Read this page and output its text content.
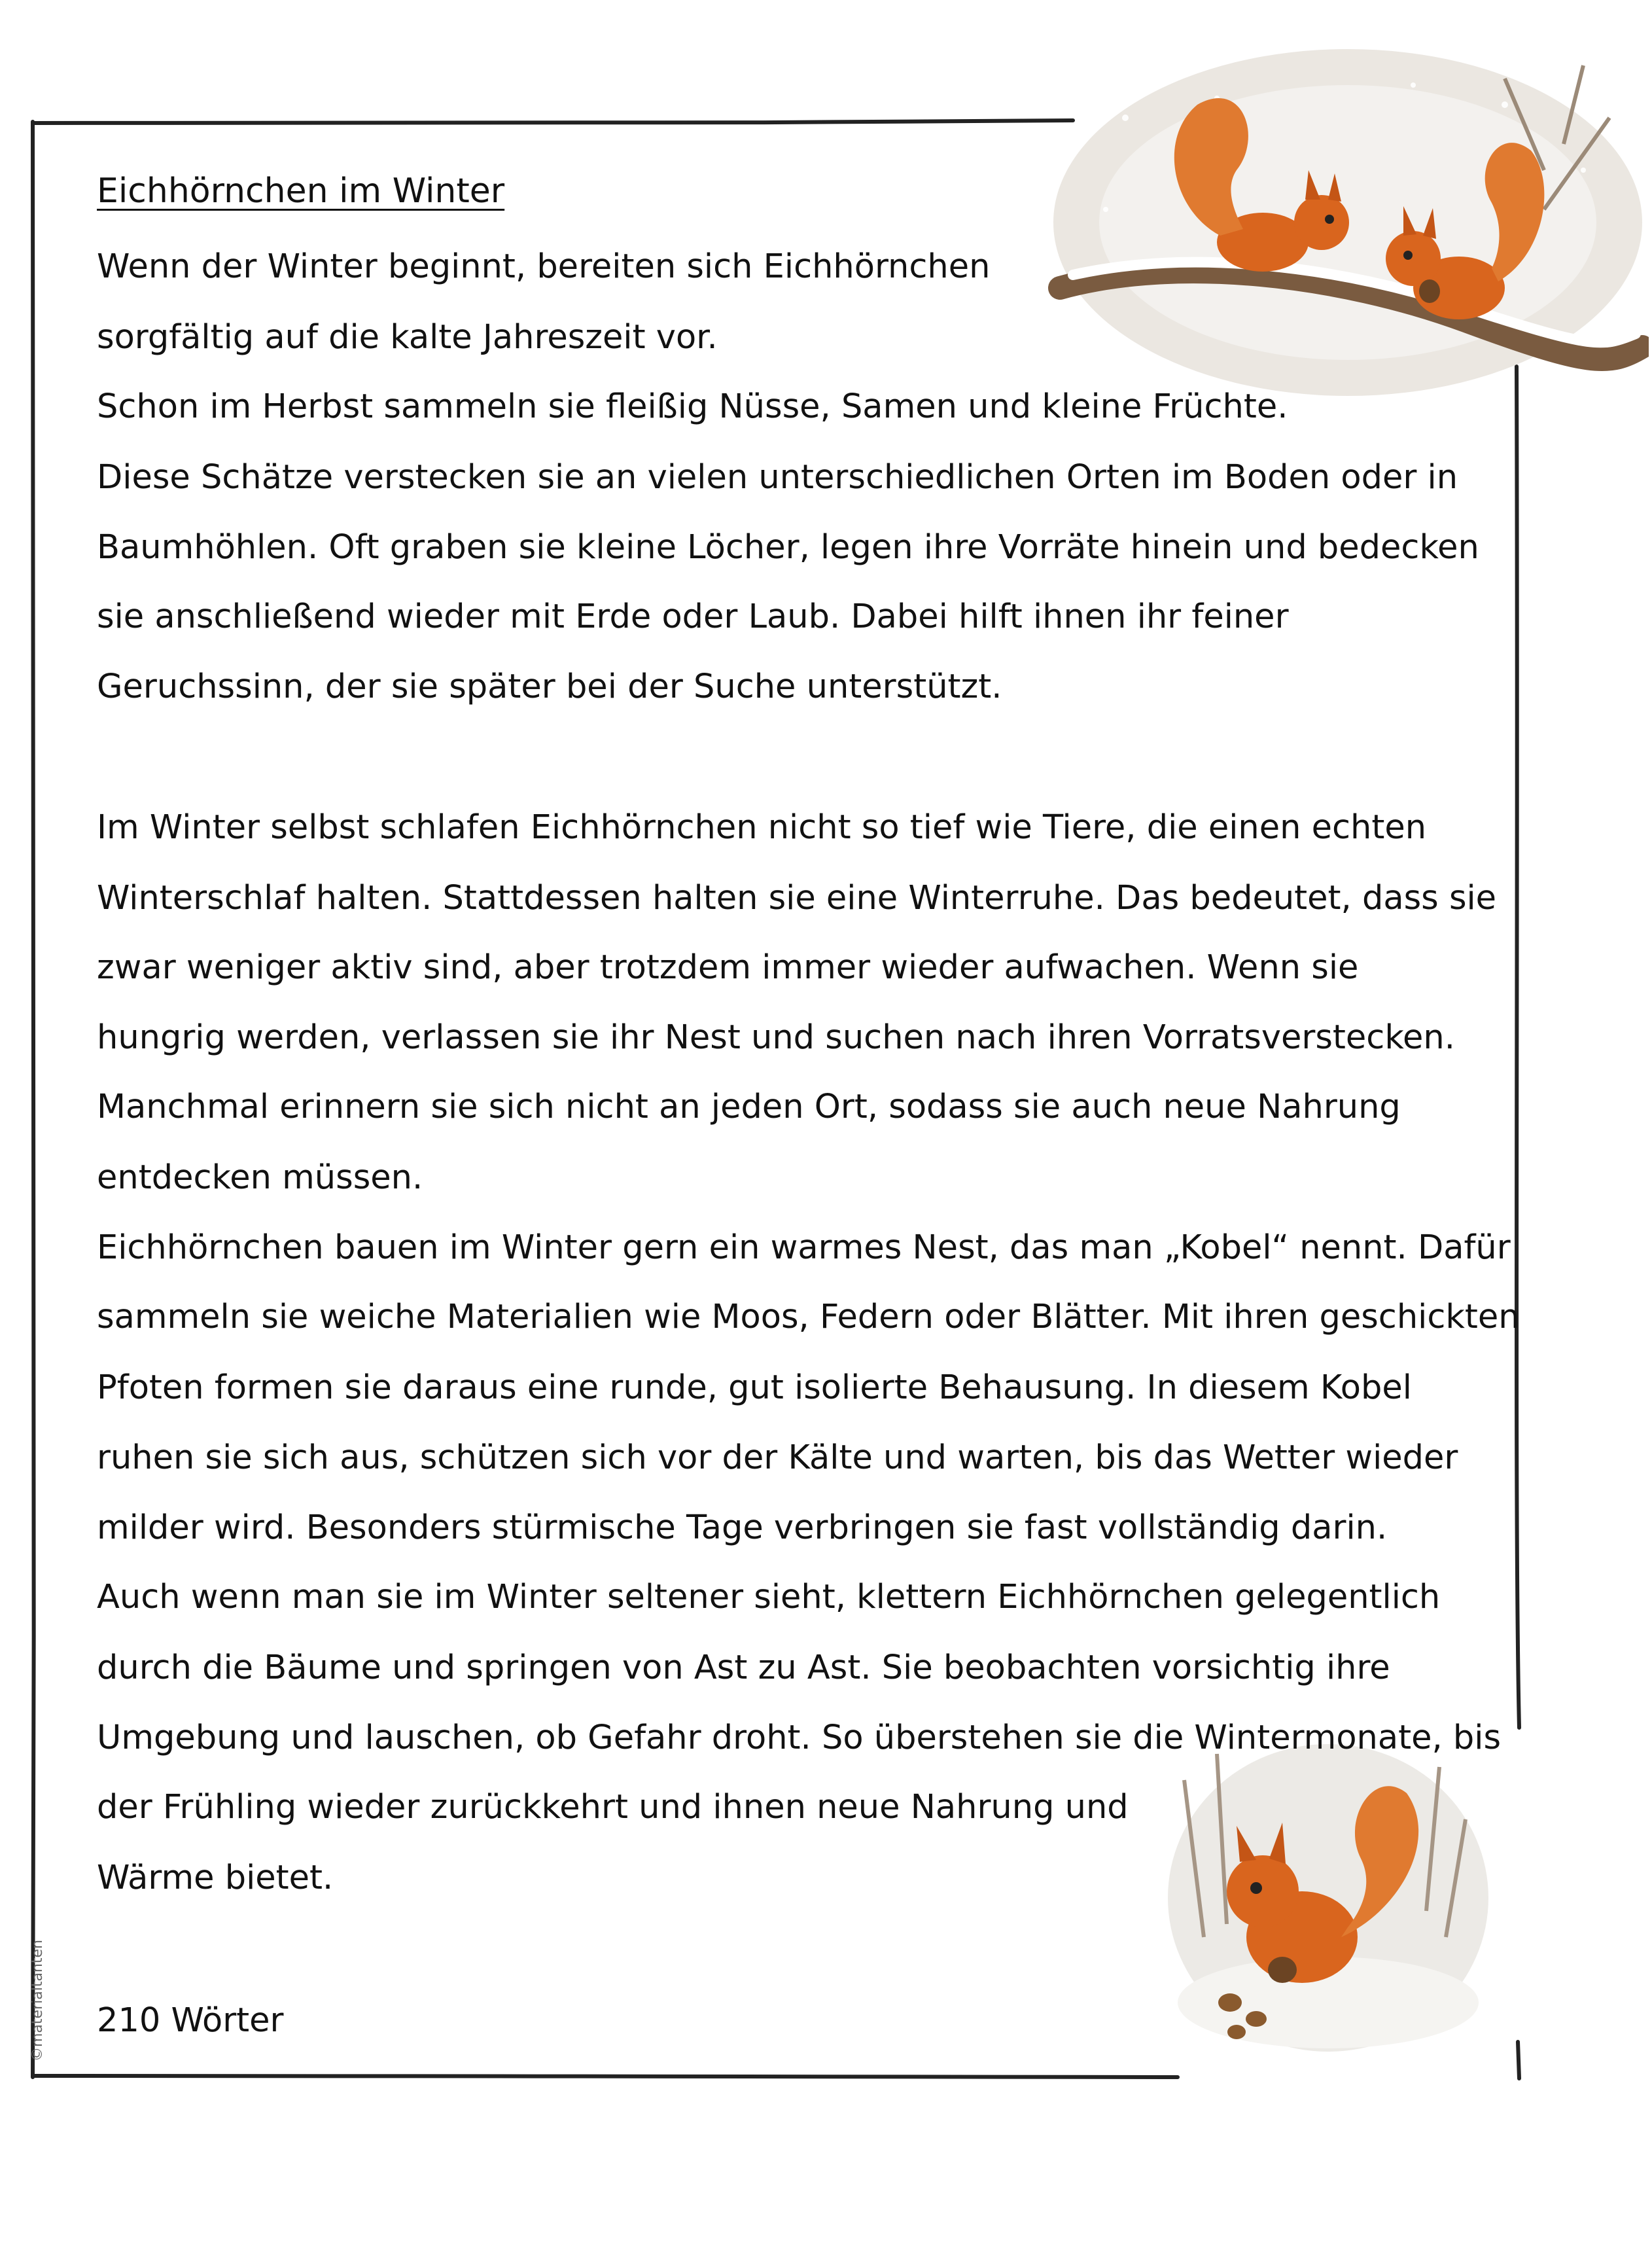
Eichhörnchen im Winter
Wenn der Winter beginnt, bereiten sich Eichhörnchen
sorgfältig auf die kalte Jahreszeit vor.
Schon im Herbst sammeln sie fleißig Nüsse, Samen und kleine Früchte.
Diese Schätze verstecken sie an vielen unterschiedlichen Orten im Boden oder in
Baumhöhlen. Oft graben sie kleine Löcher, legen ihre Vorräte hinein und bedecken
sie anschließend wieder mit Erde oder Laub. Dabei hilft ihnen ihr feiner
Geruchssinn, der sie später bei der Suche unterstützt.
Im Winter selbst schlafen Eichhörnchen nicht so tief wie Tiere, die einen echten
Winterschlaf halten. Stattdessen halten sie eine Winterruhe. Das bedeutet, dass sie
zwar weniger aktiv sind, aber trotzdem immer wieder aufwachen. Wenn sie
hungrig werden, verlassen sie ihr Nest und suchen nach ihren Vorratsverstecken.
Manchmal erinnern sie sich nicht an jeden Ort, sodass sie auch neue Nahrung
entdecken müssen.
Eichhörnchen bauen im Winter gern ein warmes Nest, das man „Kobel“ nennt. Dafür
sammeln sie weiche Materialien wie Moos, Federn oder Blätter. Mit ihren geschickten
Pfoten formen sie daraus eine runde, gut isolierte Behausung. In diesem Kobel
ruhen sie sich aus, schützen sich vor der Kälte und warten, bis das Wetter wieder
milder wird. Besonders stürmische Tage verbringen sie fast vollständig darin.
Auch wenn man sie im Winter seltener sieht, klettern Eichhörnchen gelegentlich
durch die Bäume und springen von Ast zu Ast. Sie beobachten vorsichtig ihre
Umgebung und lauschen, ob Gefahr droht. So überstehen sie die Wintermonate, bis
der Frühling wieder zurückkehrt und ihnen neue Nahrung und
Wärme bietet.
210 Wörter
©materialtanten
